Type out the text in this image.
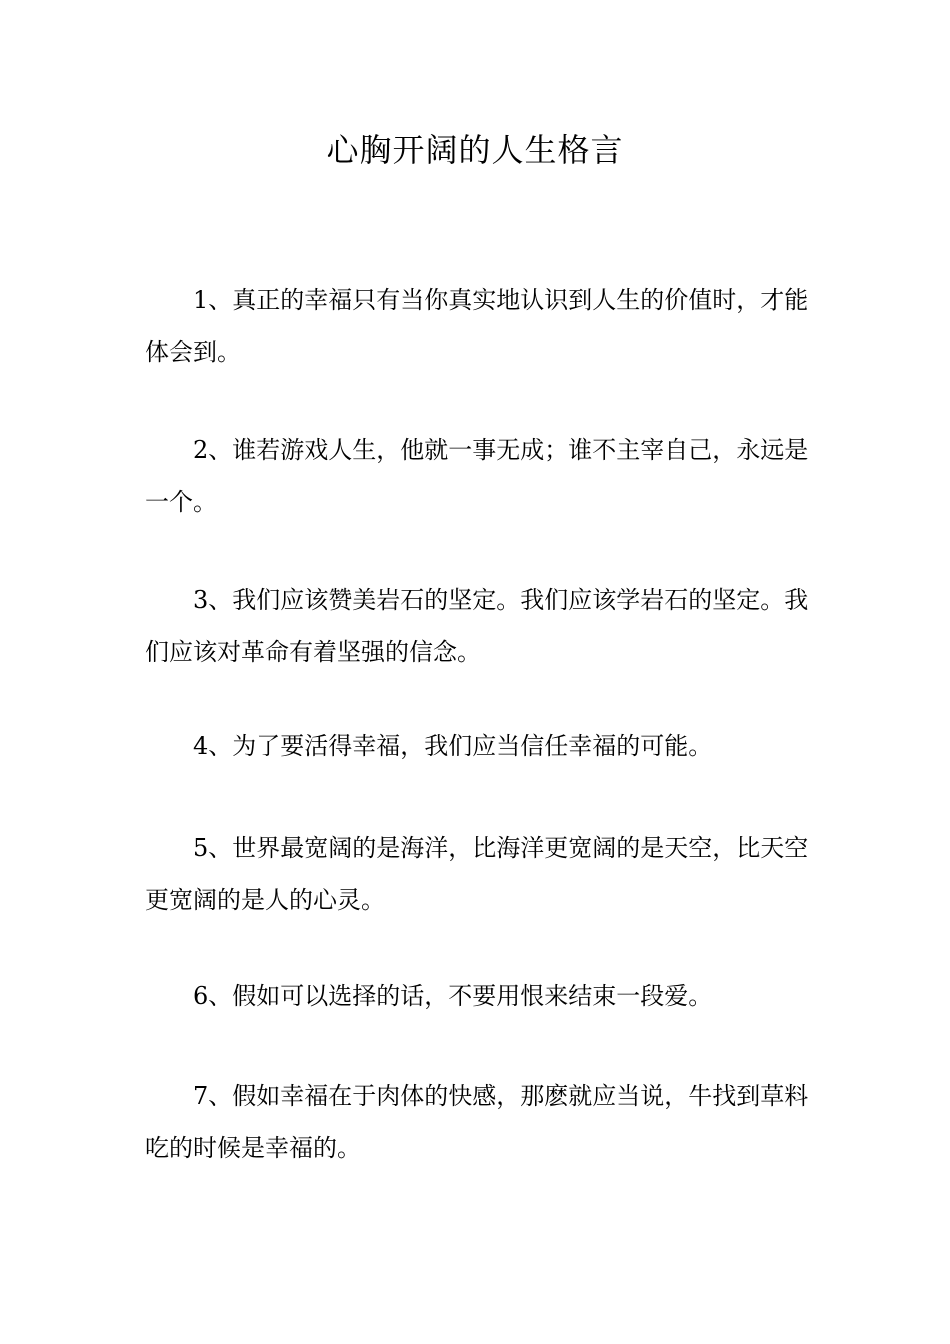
心胸开阔的人生格言

1、真正的幸福只有当你真实地认识到人生的价值时，才能体会到。

2、谁若游戏人生，他就一事无成；谁不主宰自己，永远是一个。

3、我们应该赞美岩石的坚定。我们应该学岩石的坚定。我们应该对革命有着坚强的信念。

4、为了要活得幸福，我们应当信任幸福的可能。

5、世界最宽阔的是海洋，比海洋更宽阔的是天空，比天空更宽阔的是人的心灵。

6、假如可以选择的话，不要用恨来结束一段爱。

7、假如幸福在于肉体的快感，那麽就应当说，牛找到草料吃的时候是幸福的。
